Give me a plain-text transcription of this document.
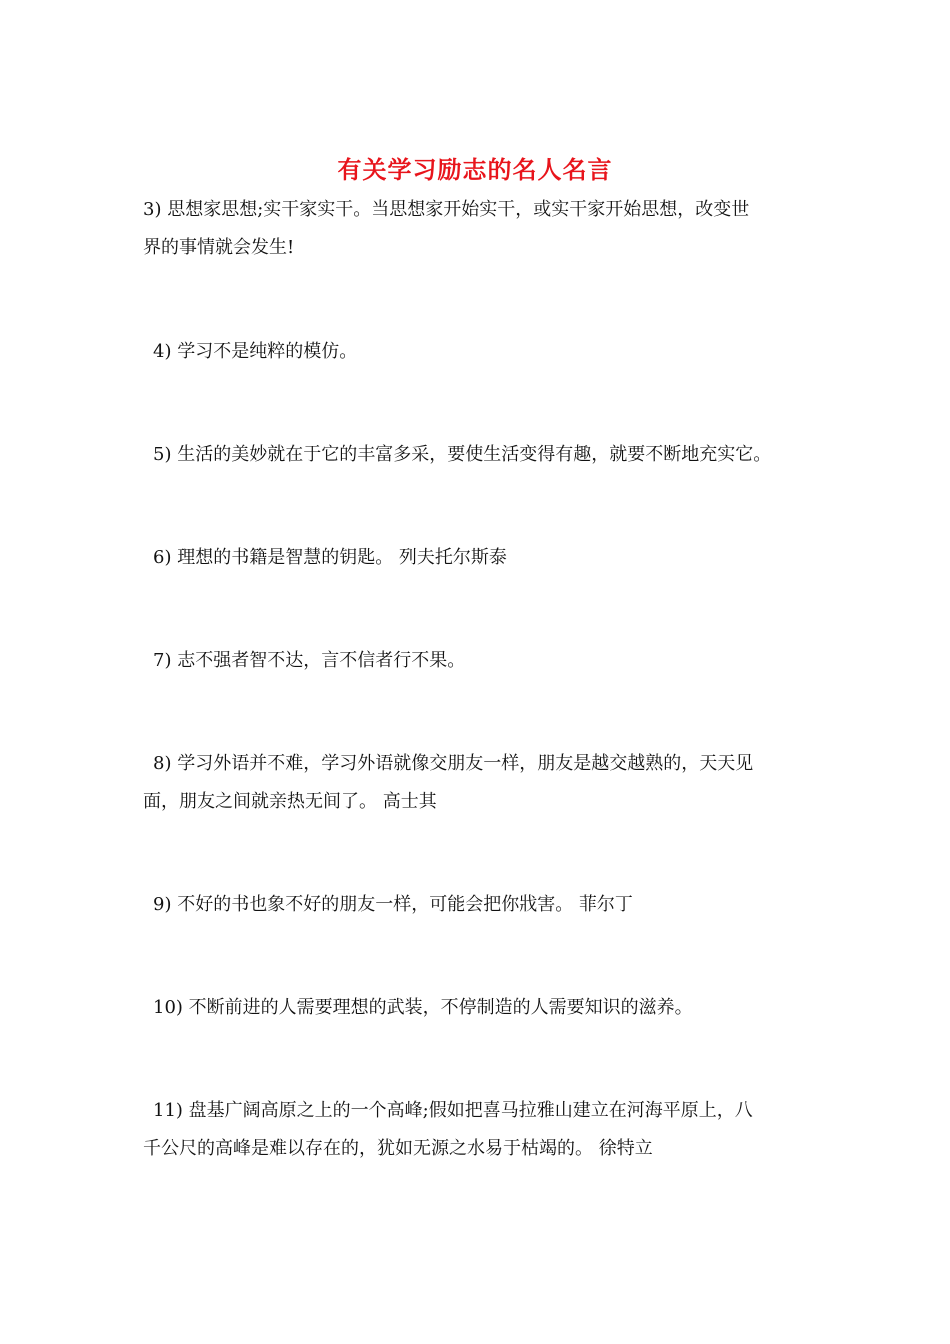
有关学习励志的名人名言
3) 思想家思想;实干家实干。当思想家开始实干，或实干家开始思想，改变世
界的事情就会发生!
4) 学习不是纯粹的模仿。
5) 生活的美妙就在于它的丰富多采，要使生活变得有趣，就要不断地充实它。
6) 理想的书籍是智慧的钥匙。 列夫托尔斯泰
7) 志不强者智不达，言不信者行不果。
8) 学习外语并不难，学习外语就像交朋友一样，朋友是越交越熟的，天天见
面，朋友之间就亲热无间了。 高士其
9) 不好的书也象不好的朋友一样，可能会把你戕害。 菲尔丁
10) 不断前进的人需要理想的武装，不停制造的人需要知识的滋养。
11) 盘基广阔高原之上的一个高峰;假如把喜马拉雅山建立在河海平原上，八
千公尺的高峰是难以存在的，犹如无源之水易于枯竭的。 徐特立
